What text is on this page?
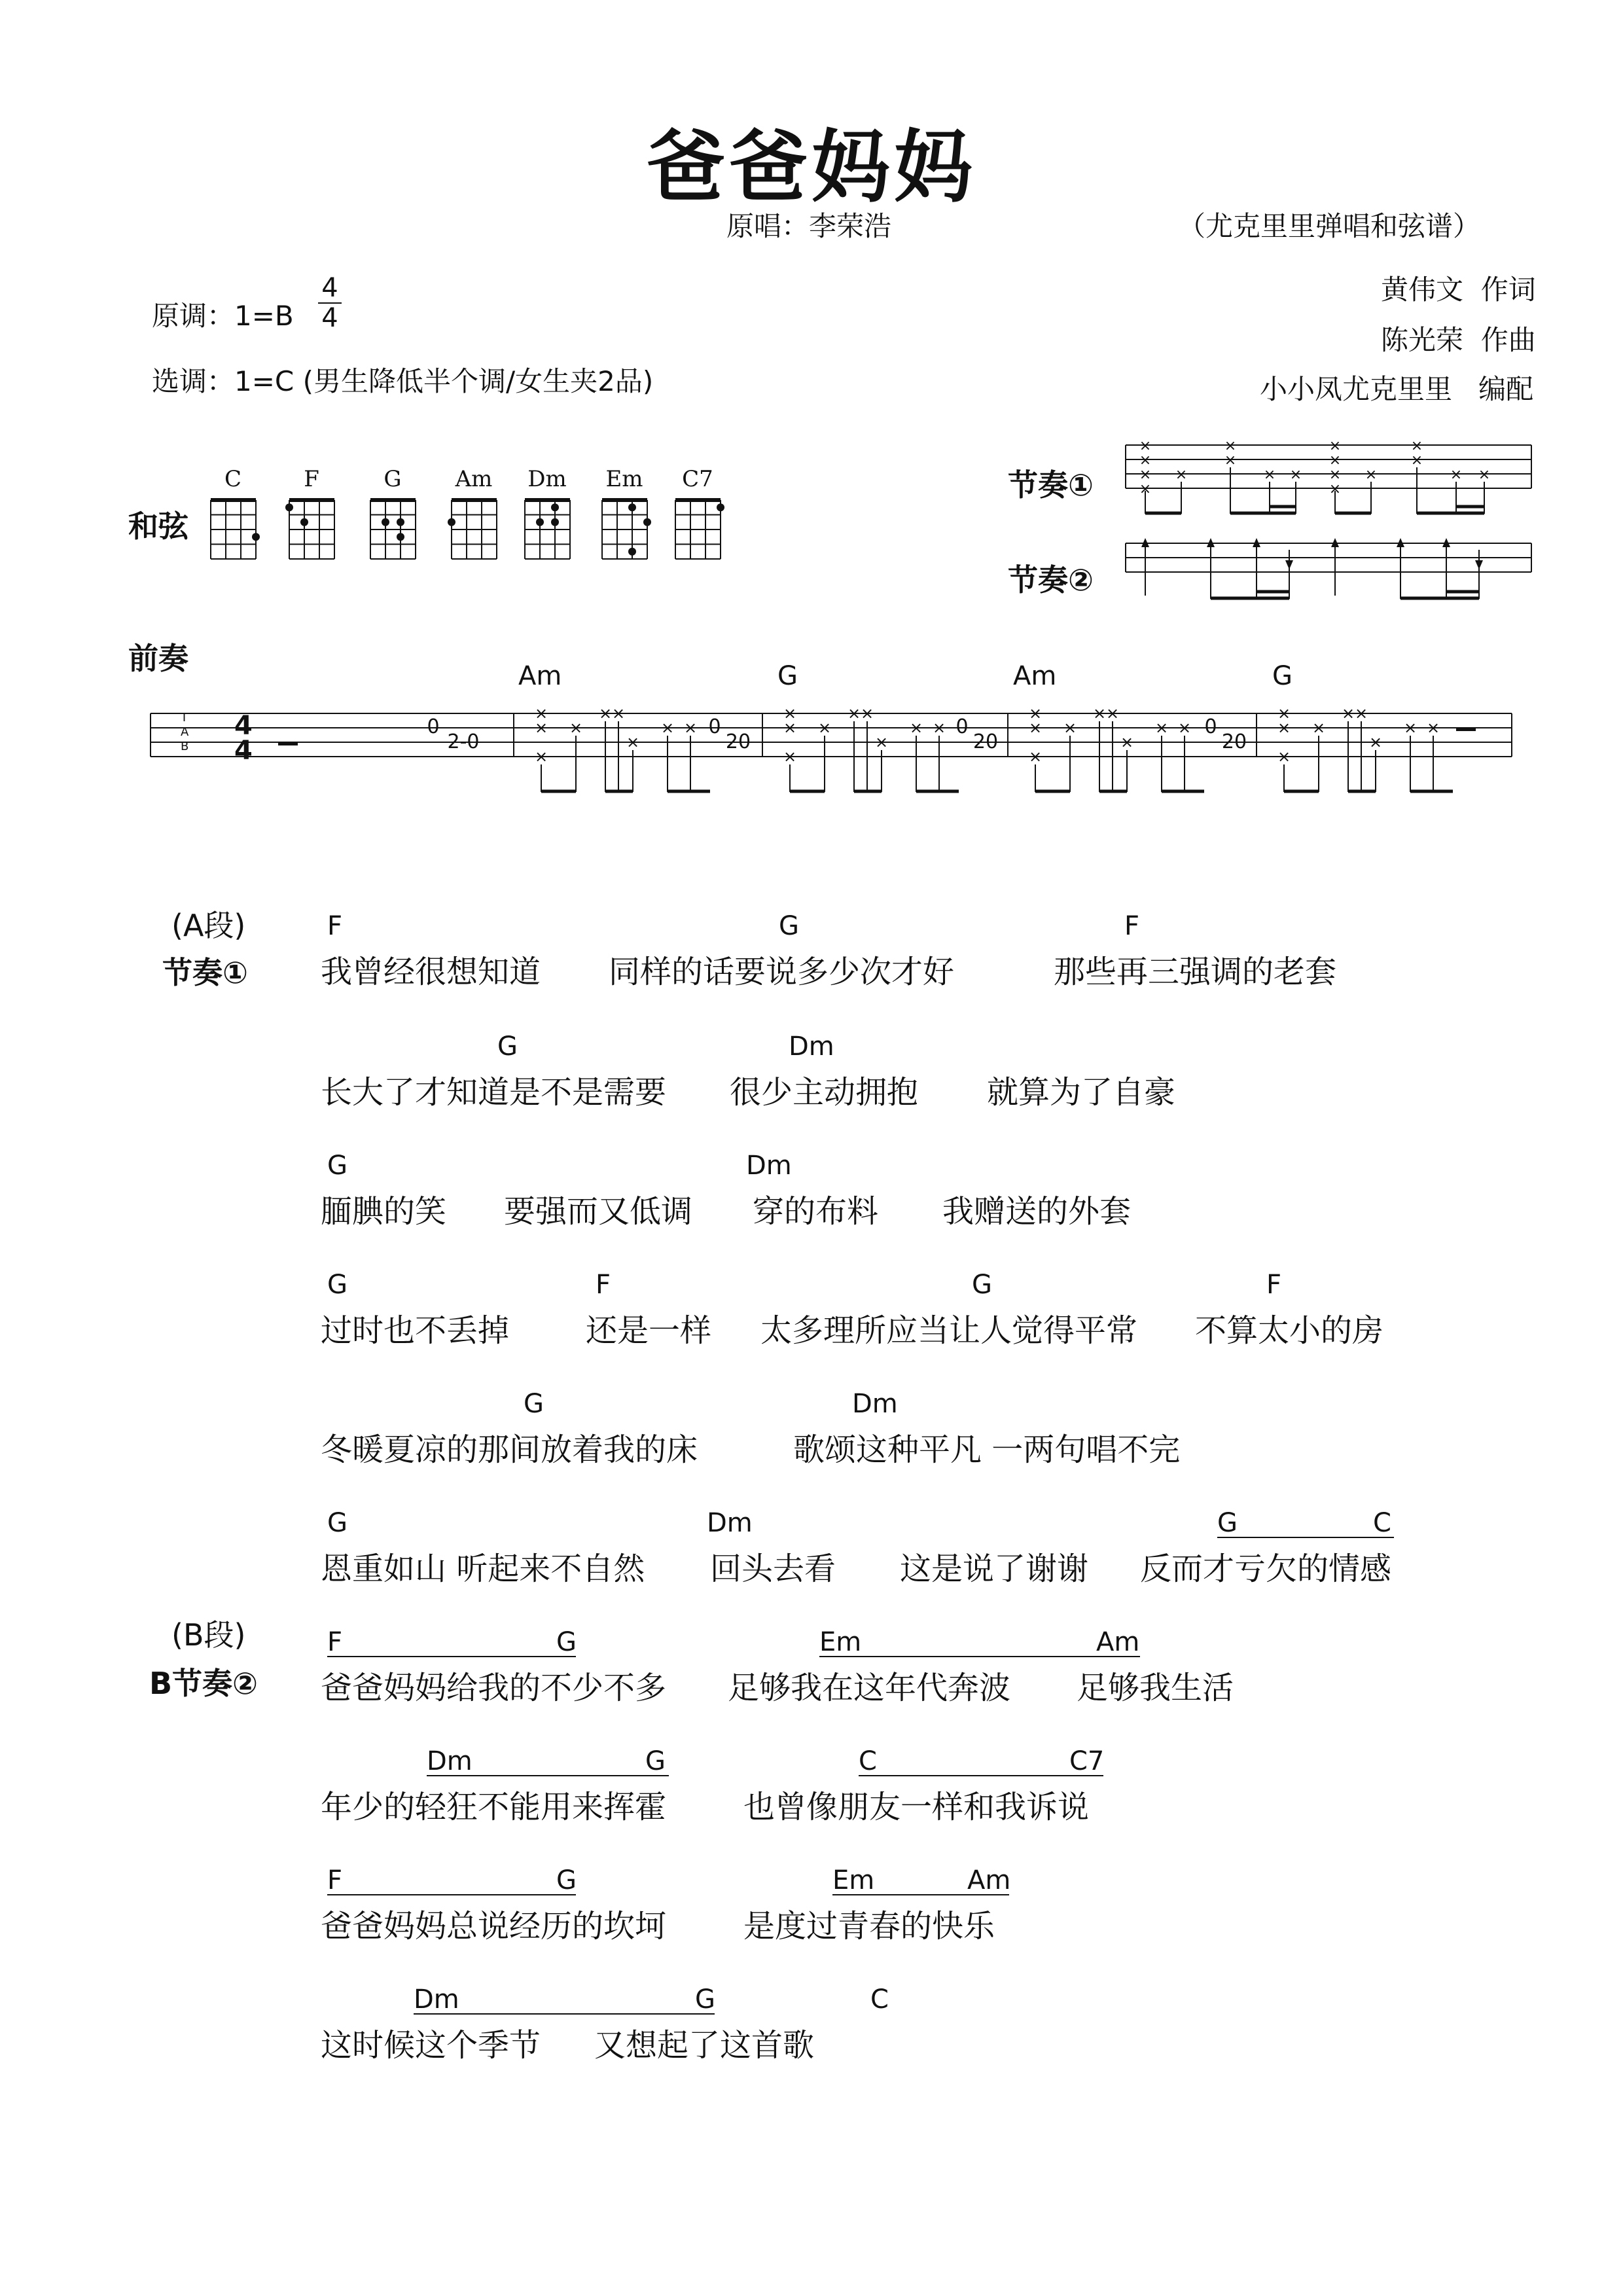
爸爸妈妈
原唱：李荣浩	（尤克里里弹唱和弦谱）
黄伟文 作词
陈光荣 作曲
小小凤尤克里里 编配
原调：1=B
4
4
选调：1=C (男生降低半个调/女生夹2品)
和弦
C	F	G	Am	Dm	Em	C7	节奏①
节奏②
×
×
×
×
×
×
×
× ×
×
×
×
×
×
×
×
× ×
前奏	Am	G	Am	G
T
A
B
4
4
0
2-0
0
20
0
20
0
20
×
×
×
×
× ×
×
× ×
×
×
×
×
× ×
×
× ×
×
×
×
×
× ×
×
× ×
×
×
×
×
× ×
×
× ×
(A段)
节奏①
(B段)
B节奏②
F	G	F
我曾经很想知道 同样的话要说多少次才好	那些再三强调的老套
G	Dm
长大了才知道是不是需要 很少主动拥抱 就算为了自豪
G	Dm
腼腆的笑 要强而又低调 穿的布料 我赠送的外套
G	F	G	F
过时也不丢掉 还是一样 太多理所应当让人觉得平常 不算太小的房
G	Dm
冬暖夏凉的那间放着我的床	歌颂这种平凡 一两句唱不完
G	Dm	G	C
恩重如山 听起来不自然 回头去看 这是说了谢谢 反而才亏欠的情感
F	G	Em	Am
爸爸妈妈给我的不少不多 足够我在这年代奔波 足够我生活
Dm	G	C	C7
年少的轻狂不能用来挥霍 也曾像朋友一样和我诉说
F	G	Em	Am
爸爸妈妈总说经历的坎坷 是度过青春的快乐
Dm	G	C
这时候这个季节 又想起了这首歌
